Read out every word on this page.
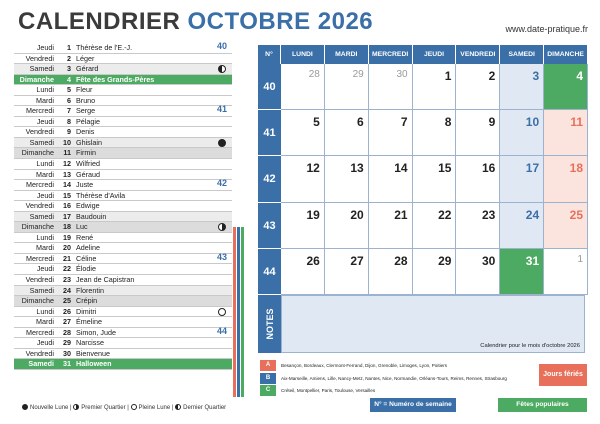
CALENDRIER OCTOBRE 2026	www.date-pratique.fr
Jeudi	1 Thérèse de l'E.-J.	40
Vendredi	2 Léger
Samedi	3 Gérard
Dimanche	4 Fête des Grands-Pères
Lundi	5 Fleur
Mardi	6 Bruno
Mercredi	7 Serge	41
Jeudi	8 Pélagie
Vendredi	9 Denis
Samedi	10 Ghislain
Dimanche	11 Firmin
Lundi	12 Wilfried
Mardi	13 Géraud
Mercredi	14 Juste	42
Jeudi	15 Thérèse d'Avila
Vendredi	16 Edwige
Samedi	17 Baudouin
Dimanche	18 Luc
Lundi	19 René
Mardi	20 Adeline
Mercredi	21 Céline	43
Jeudi	22 Élodie
Vendredi	23 Jean de Capistran
Samedi	24 Florentin
Dimanche	25 Crépin
Lundi	26 Dimitri
Mardi	27 Émeline
Mercredi	28 Simon, Jude	44
Jeudi	29 Narcisse
Vendredi	30 Bienvenue
Samedi	31 Halloween
Nouvelle Lune | Premier Quartier | Pleine Lune | Dernier Quartier
N°	LUNDI	MARDI	MERCREDI	JEUDI	VENDREDI	SAMEDI	DIMANCHE
40
28	29	30	1	2	3	4
41
5	6	7	8	9	10	11
42
12	13	14	15	16	17	18
43
19	20	21	22	23	24	25
44
26	27	28	29	30	31	1
NOTES
Calendrier pour le mois d'octobre 2026
A	Besançon, Bordeaux, Clermont-Ferrand, Dijon, Grenoble, Limoges, Lyon, Poitiers
B	Aix-Marseille, Amiens, Lille, Nancy-Metz, Nantes, Nice, Normandie, Orléans-Tours, Reims, Rennes, Strasbourg
C	Créteil, Montpellier, Paris, Toulouse, Versailles
Jours fériés
N° = Numéro de semaine	Fêtes populaires
